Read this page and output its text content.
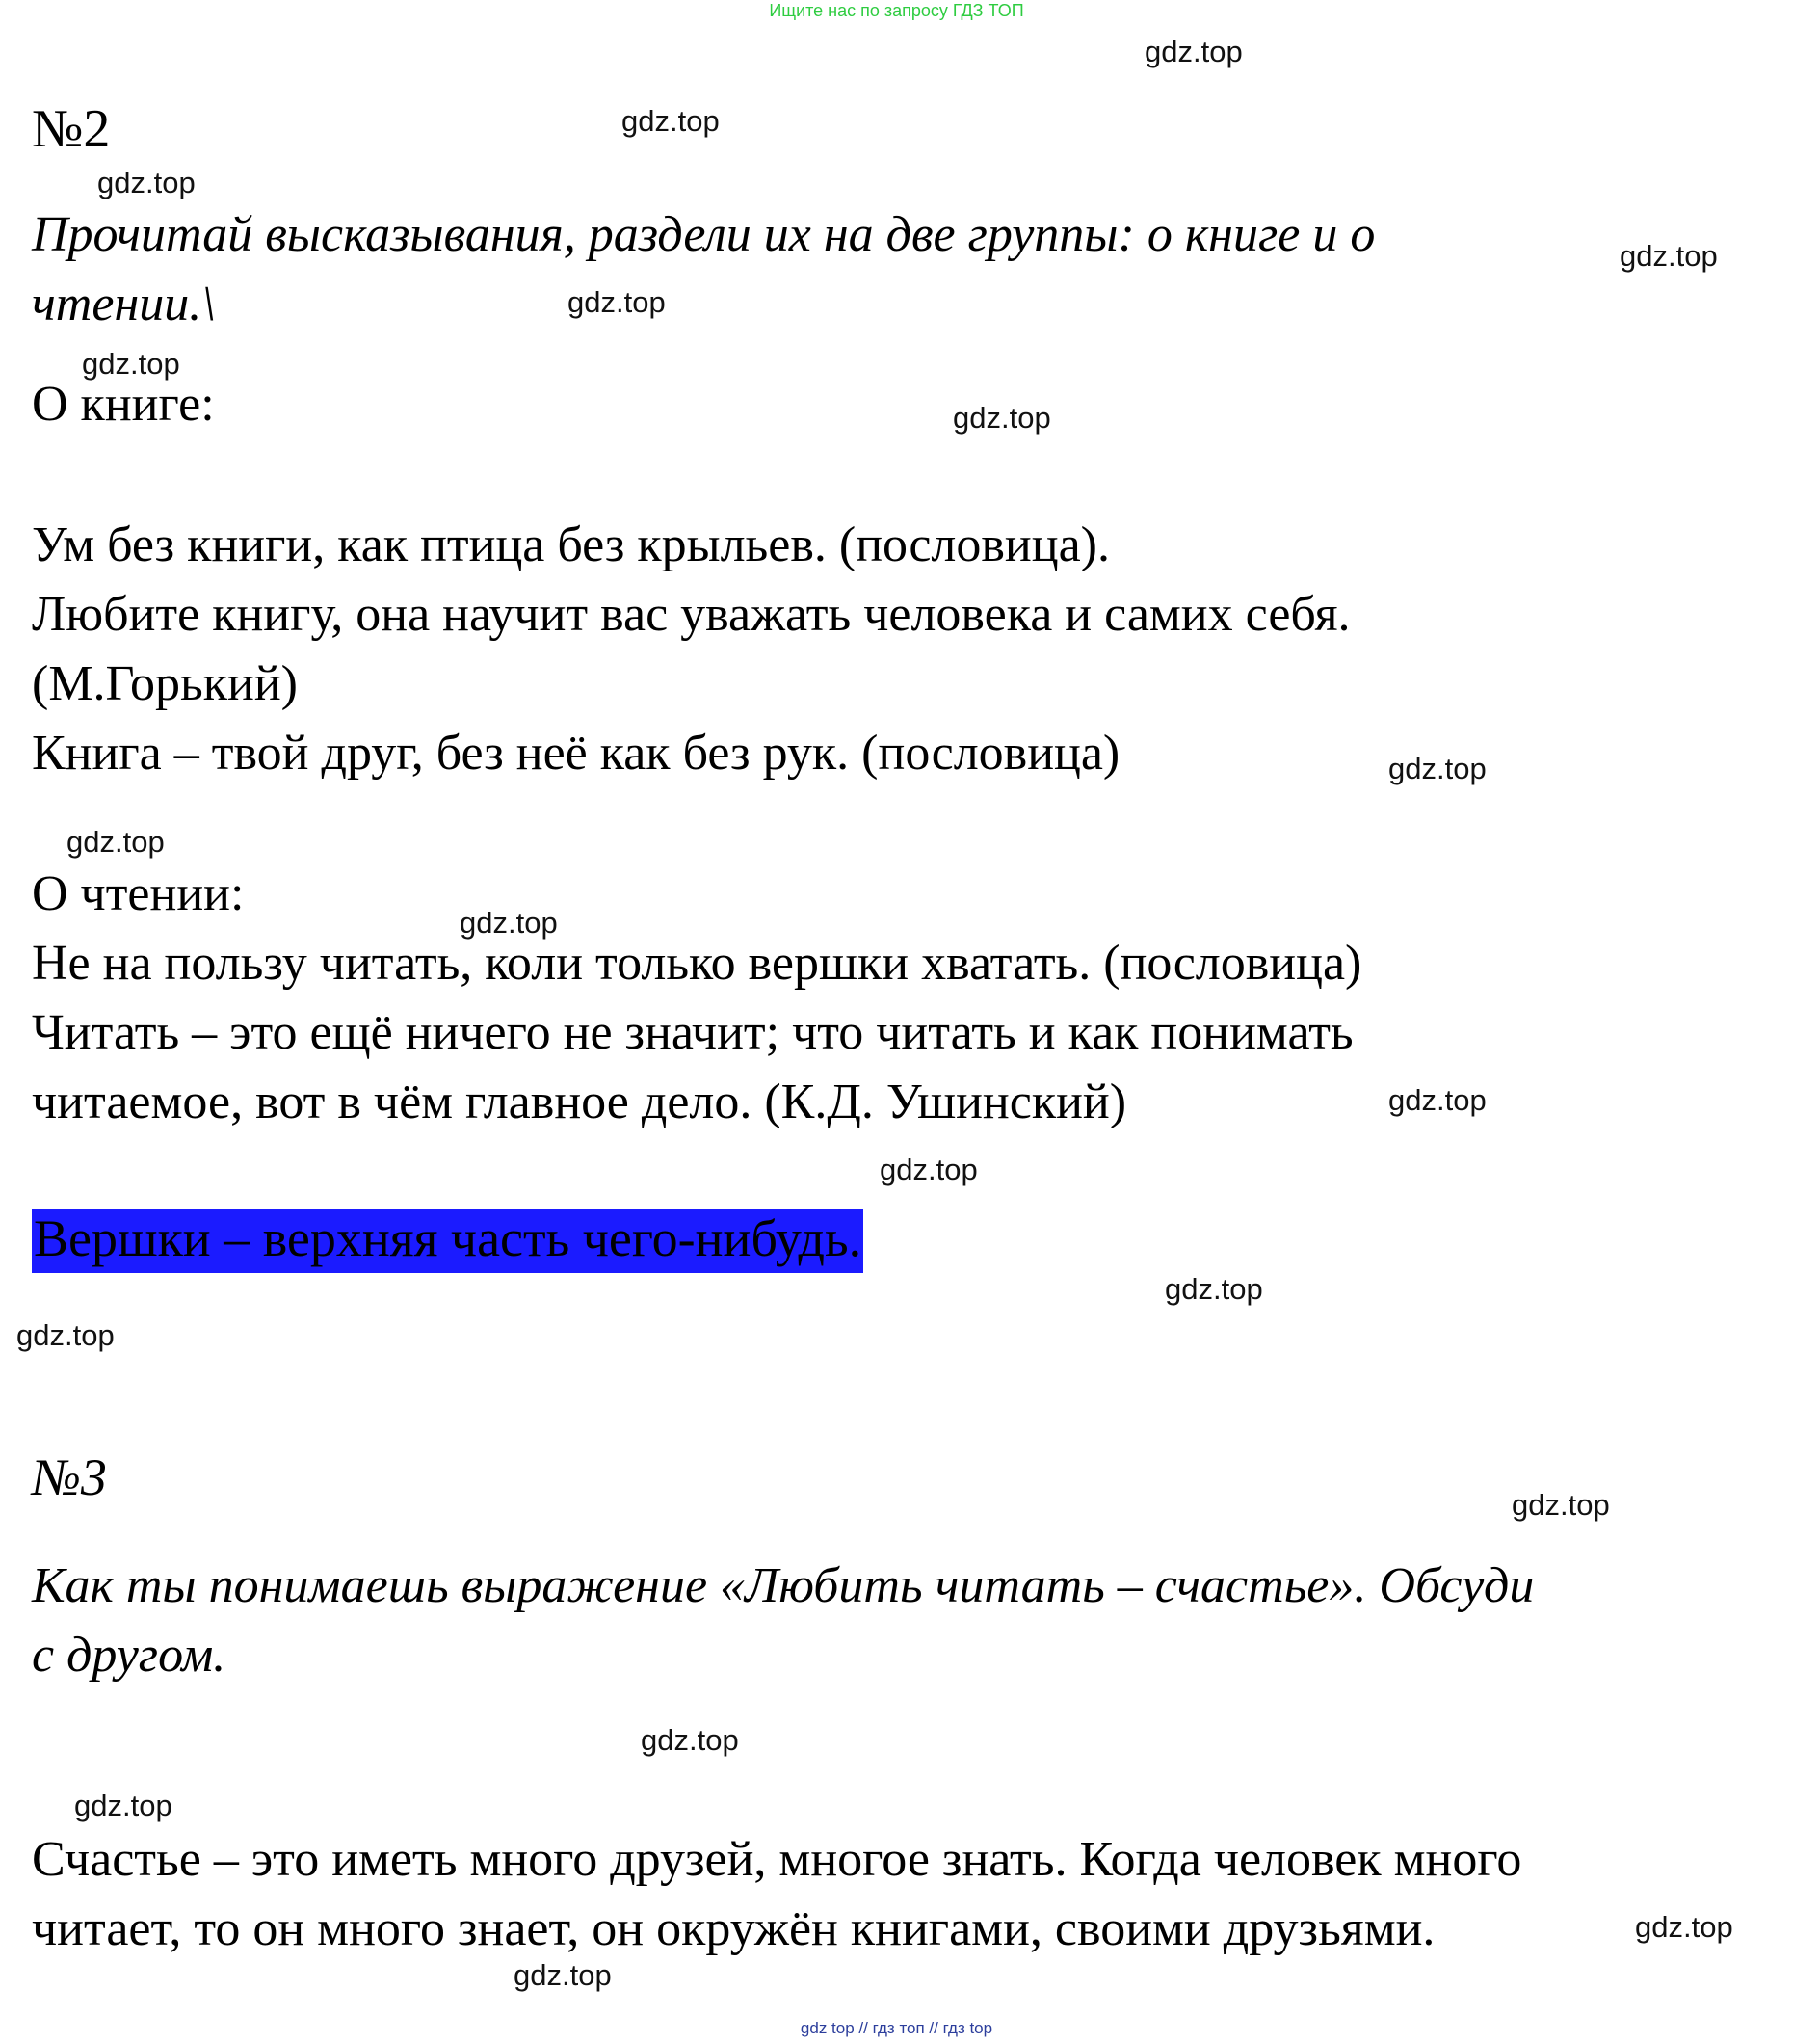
Ищите нас по запросу ГДЗ ТОП
№2
Прочитай высказывания, раздели их на две группы: о книге и о
чтении.\
О книге:
Ум без книги, как птица без крыльев. (пословица).
Любите книгу, она научит вас уважать человека и самих себя.
(М.Горький)
Книга – твой друг, без неё как без рук. (пословица)
О чтении:
Не на пользу читать, коли только вершки хватать. (пословица)
Читать – это ещё ничего не значит; что читать и как понимать
читаемое, вот в чём главное дело. (К.Д. Ушинский)
Вершки – верхняя часть чего-нибудь.
№3
Как ты понимаешь выражение «Любить читать – счастье». Обсуди
с другом.
Счастье – это иметь много друзей, многое знать. Когда человек много
читает, то он много знает, он окружён книгами, своими друзьями.
gdz.top
gdz.top
gdz.top
gdz.top
gdz.top
gdz.top
gdz.top
gdz.top
gdz.top
gdz.top
gdz.top
gdz.top
gdz.top
gdz.top
gdz.top
gdz.top
gdz.top
gdz.top
gdz.top
gdz top // гдз топ // гдз top
